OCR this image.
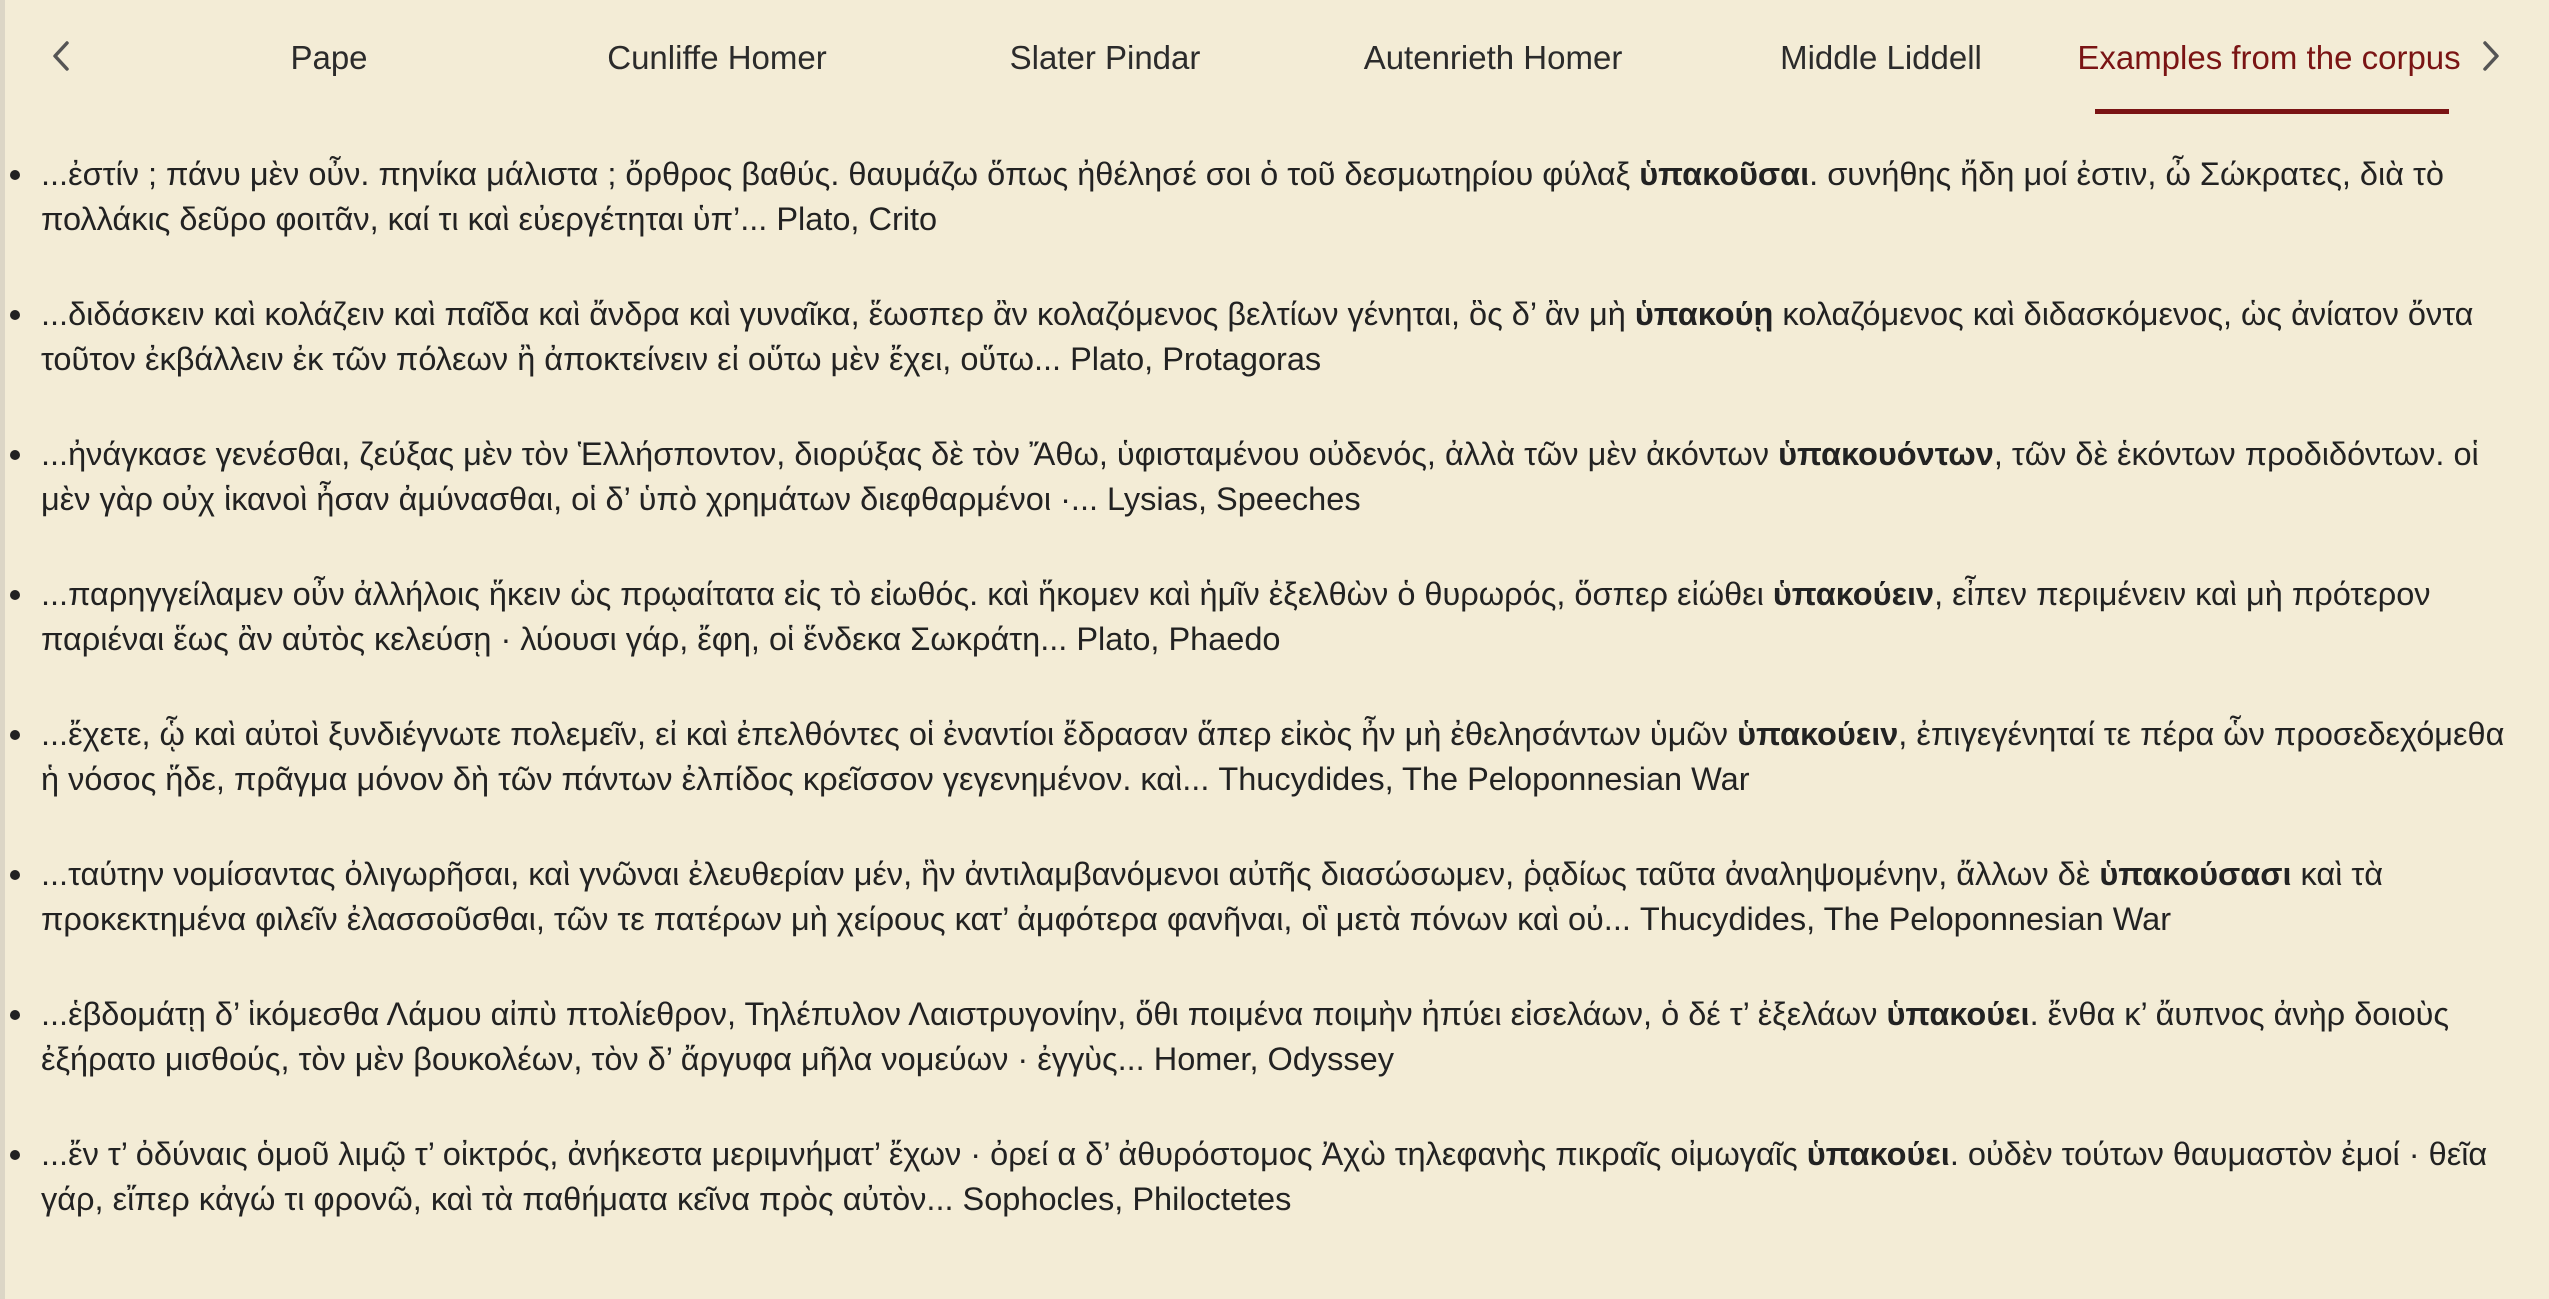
Pape	Cunliffe Homer	Slater Pindar	Autenrieth Homer	Middle Liddell	Examples from the corpus
...ἐστίν ; πάνυ μὲν οὖν. πηνίκα μάλιστα ; ὄρθρος βαθύς. θαυμάζω ὅπως ἠθέλησέ σοι ὁ τοῦ δεσμωτηρίου φύλαξ ὑπακοῦσαι. συνήθης ἤδη μοί ἐστιν, ὦ Σώκρατες, διὰ τὸ πολλάκις δεῦρο φοιτᾶν, καί τι καὶ εὐεργέτηται ὑπ’... Plato, Crito
...διδάσκειν καὶ κολάζειν καὶ παῖδα καὶ ἄνδρα καὶ γυναῖκα, ἕωσπερ ἂν κολαζόμενος βελτίων γένηται, ὃς δ’ ἂν μὴ ὑπακούῃ κολαζόμενος καὶ διδασκόμενος, ὡς ἀνίατον ὄντα τοῦτον ἐκβάλλειν ἐκ τῶν πόλεων ἢ ἀποκτείνειν εἰ οὕτω μὲν ἔχει, οὕτω... Plato, Protagoras
...ἠνάγκασε γενέσθαι, ζεύξας μὲν τὸν Ἑλλήσποντον, διορύξας δὲ τὸν Ἄθω, ὑφισταμένου οὐδενός, ἀλλὰ τῶν μὲν ἀκόντων ὑπακουόντων, τῶν δὲ ἑκόντων προδιδόντων. οἱ μὲν γὰρ οὐχ ἱκανοὶ ἦσαν ἀμύνασθαι, οἱ δ’ ὑπὸ χρημάτων διεφθαρμένοι ·... Lysias, Speeches
...παρηγγείλαμεν οὖν ἀλλήλοις ἥκειν ὡς πρῳαίτατα εἰς τὸ εἰωθός. καὶ ἥκομεν καὶ ἡμῖν ἐξελθὼν ὁ θυρωρός, ὅσπερ εἰώθει ὑπακούειν, εἶπεν περιμένειν καὶ μὴ πρότερον παριέναι ἕως ἂν αὐτὸς κελεύσῃ · λύουσι γάρ, ἔφη, οἱ ἕνδεκα Σωκράτη... Plato, Phaedo
...ἔχετε, ᾧ καὶ αὐτοὶ ξυνδιέγνωτε πολεμεῖν, εἰ καὶ ἐπελθόντες οἱ ἐναντίοι ἔδρασαν ἅπερ εἰκὸς ἦν μὴ ἐθελησάντων ὑμῶν ὑπακούειν, ἐπιγεγένηταί τε πέρα ὧν προσεδεχόμεθα ἡ νόσος ἥδε, πρᾶγμα μόνον δὴ τῶν πάντων ἐλπίδος κρεῖσσον γεγενημένον. καὶ... Thucydides, The Peloponnesian War
...ταύτην νομίσαντας ὀλιγωρῆσαι, καὶ γνῶναι ἐλευθερίαν μέν, ἣν ἀντιλαμβανόμενοι αὐτῆς διασώσωμεν, ῥᾳδίως ταῦτα ἀναληψομένην, ἄλλων δὲ ὑπακούσασι καὶ τὰ προκεκτημένα φιλεῖν ἐλασσοῦσθαι, τῶν τε πατέρων μὴ χείρους κατ’ ἀμφότερα φανῆναι, οἳ μετὰ πόνων καὶ οὐ... Thucydides, The Peloponnesian War
...ἑβδομάτῃ δ’ ἱκόμεσθα Λάμου αἰπὺ πτολίεθρον, Τηλέπυλον Λαιστρυγονίην, ὅθι ποιμένα ποιμὴν ἠπύει εἰσελάων, ὁ δέ τ’ ἐξελάων ὑπακούει. ἔνθα κ’ ἄυπνος ἀνὴρ δοιοὺς ἐξήρατο μισθούς, τὸν μὲν βουκολέων, τὸν δ’ ἄργυφα μῆλα νομεύων · ἐγγὺς... Homer, Odyssey
...ἔν τ’ ὀδύναις ὁμοῦ λιμῷ τ’ οἰκτρός, ἀνήκεστα μεριμνήματ’ ἔχων · ὀρεί α δ’ ἀθυρόστομος Ἀχὼ τηλεφανὴς πικραῖς οἰμωγαῖς ὑπακούει. οὐδὲν τούτων θαυμαστὸν ἐμοί · θεῖα γάρ, εἴπερ κἀγώ τι φρονῶ, καὶ τὰ παθήματα κεῖνα πρὸς αὐτὸν... Sophocles, Philoctetes
